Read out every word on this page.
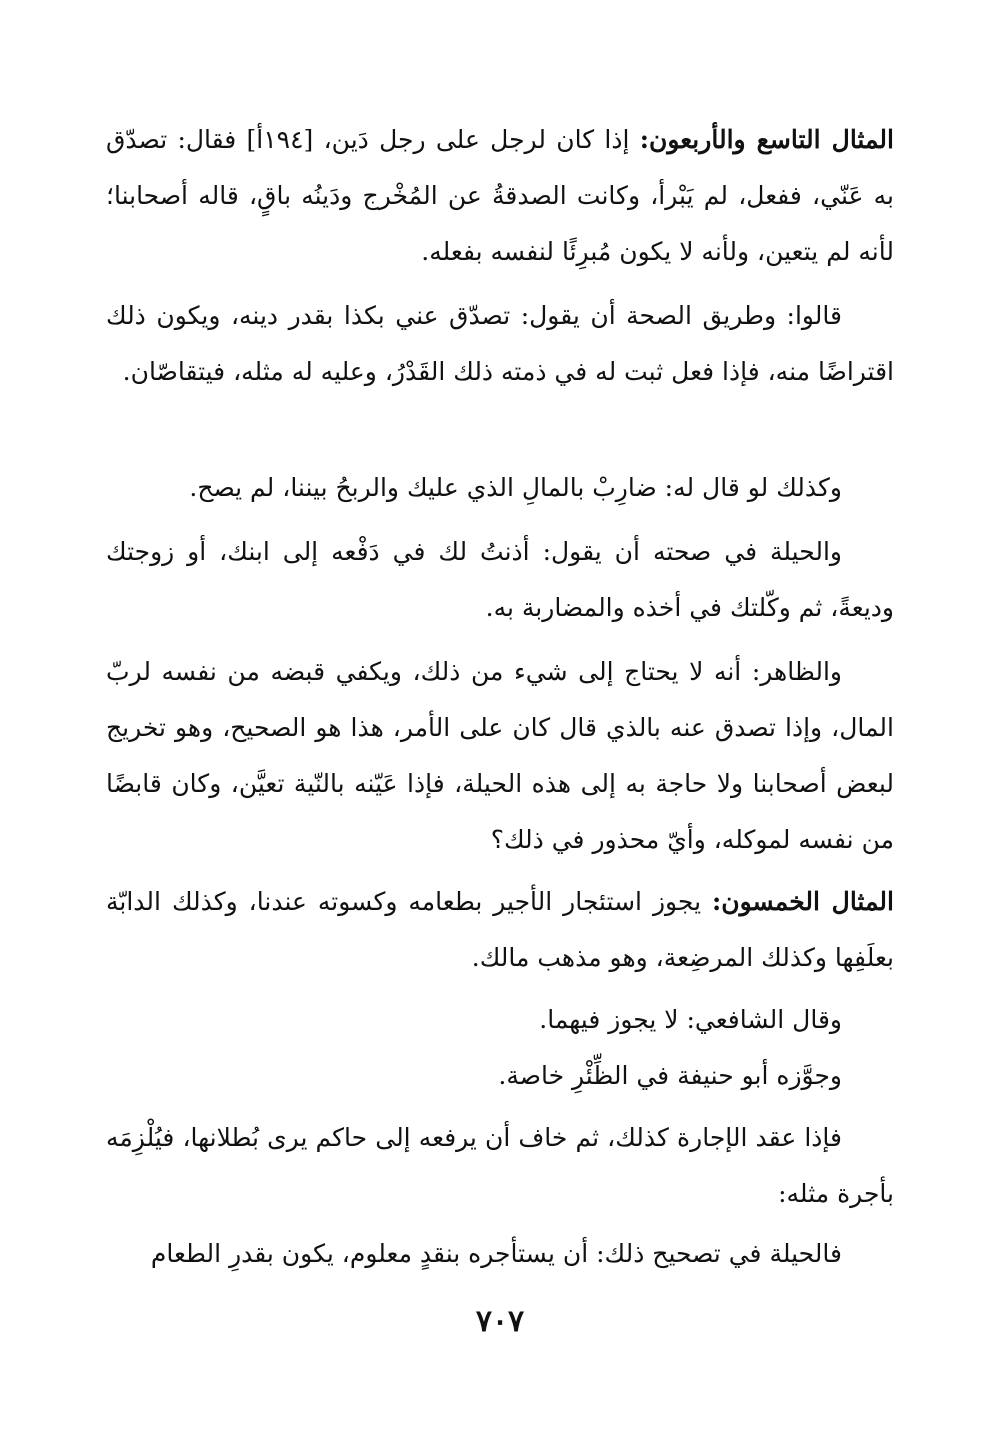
المثال التاسع والأربعون: إذا كان لرجل على رجل دَين، [١٩٤أ] فقال: تصدّق به عَنّي، ففعل، لم يَبْرأ، وكانت الصدقةُ عن المُخْرج ودَينُه باقٍ، قاله أصحابنا؛ لأنه لم يتعين، ولأنه لا يكون مُبرِئًا لنفسه بفعله.

قالوا: وطريق الصحة أن يقول: تصدّق عني بكذا بقدر دينه، ويكون ذلك اقتراضًا منه، فإذا فعل ثبت له في ذمته ذلك القَدْرُ، وعليه له مثله، فيتقاصّان.

وكذلك لو قال له: ضارِبْ بالمالِ الذي عليك والربحُ بيننا، لم يصح.

والحيلة في صحته أن يقول: أذنتُ لك في دَفْعه إلى ابنك، أو زوجتك وديعةً، ثم وكّلتك في أخذه والمضاربة به.

والظاهر: أنه لا يحتاج إلى شيء من ذلك، ويكفي قبضه من نفسه لربّ المال، وإذا تصدق عنه بالذي قال كان على الأمر، هذا هو الصحيح، وهو تخريج لبعض أصحابنا ولا حاجة به إلى هذه الحيلة، فإذا عَيّنه بالنّية تعيَّن، وكان قابضًا من نفسه لموكله، وأيّ محذور في ذلك؟

المثال الخمسون: يجوز استئجار الأجير بطعامه وكسوته عندنا، وكذلك الدابّة بعلَفِها وكذلك المرضِعة، وهو مذهب مالك.

وقال الشافعي: لا يجوز فيهما.

وجوَّزه أبو حنيفة في الظِّئْرِ خاصة.

فإذا عقد الإجارة كذلك، ثم خاف أن يرفعه إلى حاكم يرى بُطلانها، فيُلْزِمَه بأجرة مثله:

فالحيلة في تصحيح ذلك: أن يستأجره بنقدٍ معلوم، يكون بقدرِ الطعام

٧٠٧
